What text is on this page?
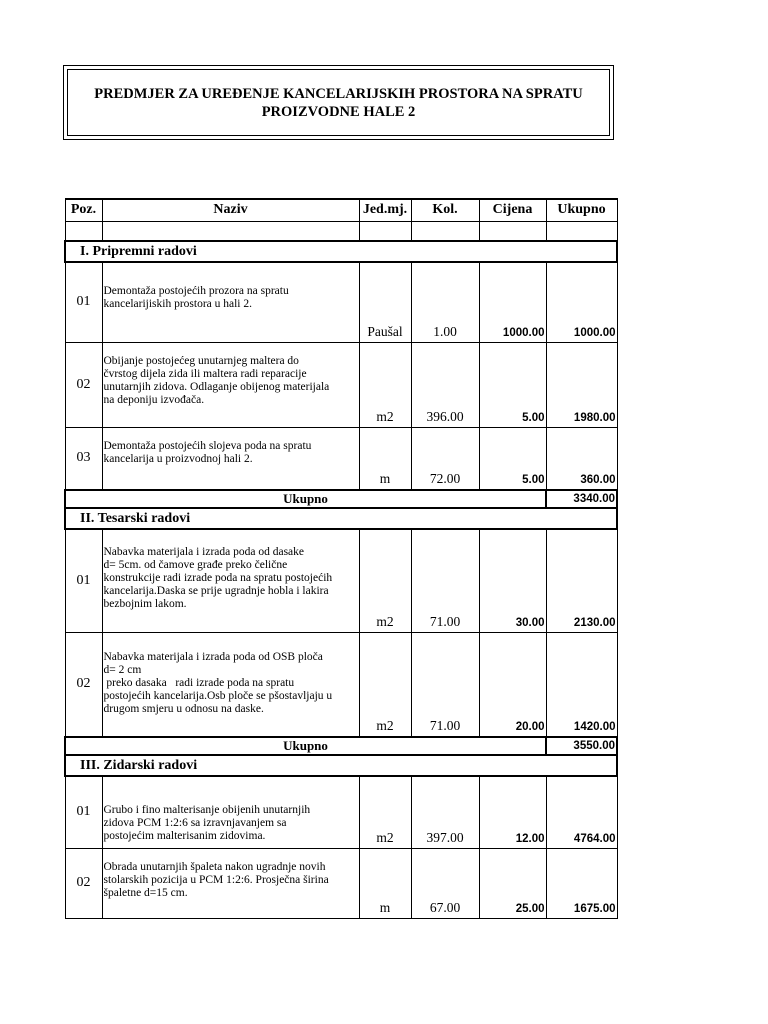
PREDMJER ZA UREĐENJE KANCELARIJSKIH PROSTORA NA SPRATU
PROIZVODNE HALE 2
Poz.	Naziv	Jed.mj.	Kol.	Cijena	Ukupno

I. Pripremni radovi					
01	Demontaža postojećih prozora na spratu
kancelarijiskih prostora u hali 2.	Paušal	1.00	1000.00	1000.00
02	Obijanje postojećeg unutarnjeg maltera do
čvrstog dijela zida ili maltera radi reparacije
unutarnjih zidova. Odlaganje obijenog materijala
na deponiju izvođača.	m2	396.00	5.00	1980.00
03	Demontaža postojećih slojeva poda na spratu
kancelarija u proizvodnoj hali 2.	m	72.00	5.00	360.00
Ukupno					3340.00
II. Tesarski radovi					
01	Nabavka materijala i izrada poda od dasake
d= 5cm. od čamove građe preko čelične
konstrukcije radi izrade poda na spratu postojećih
kancelarija.Daska se prije ugradnje hobla i lakira
bezbojnim lakom.	m2	71.00	30.00	2130.00
02	Nabavka materijala i izrada poda od OSB ploča
d= 2 cm
preko dasaka   radi izrade poda na spratu
postojećih kancelarija.Osb ploče se pšostavljaju u
drugom smjeru u odnosu na daske.	m2	71.00	20.00	1420.00
Ukupno					3550.00
III. Zidarski radovi					
01	Grubo i fino malterisanje obijenih unutarnjih
zidova PCM 1:2:6 sa izravnjavanjem sa
postojećim malterisanim zidovima.	m2	397.00	12.00	4764.00
02	Obrada unutarnjih špaleta nakon ugradnje novih
stolarskih pozicija u PCM 1:2:6. Prosječna širina
špaletne d=15 cm.	m	67.00	25.00	1675.00
